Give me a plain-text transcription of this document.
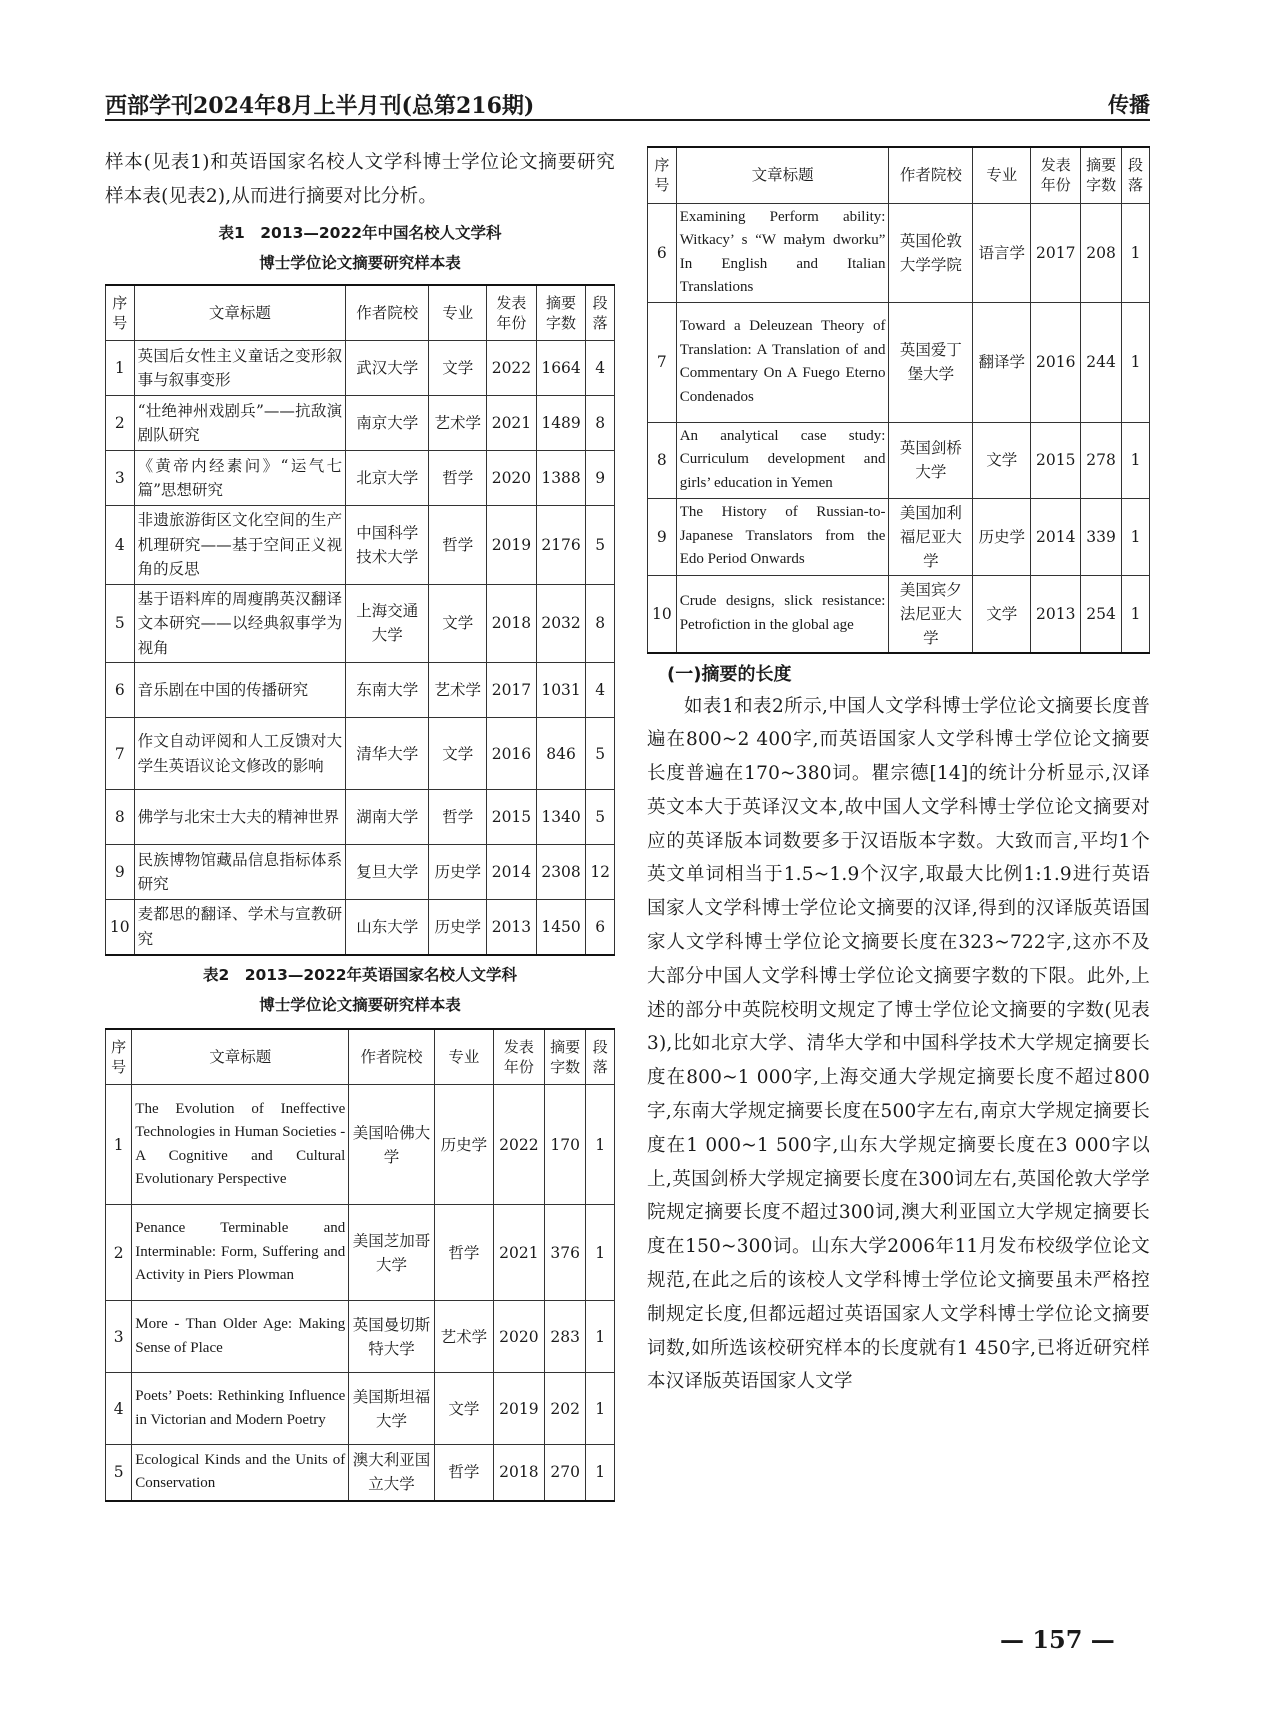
西部学刊2024年8月上半月刊(总第216期)	传播

样本(见表1)和英语国家名校人文学科博士学位论文摘要研究样本表(见表2),从而进行摘要对比分析。

表1　2013—2022年中国名校人文学科

博士学位论文摘要研究样本表

序号	文章标题	作者院校	专业	发表年份	摘要字数	段落
1	英国后女性主义童话之变形叙事与叙事变形	武汉大学	文学	2022	1664	4
2	“壮绝神州戏剧兵”——抗敌演剧队研究	南京大学	艺术学	2021	1489	8
3	《黄帝内经素问》“运气七篇”思想研究	北京大学	哲学	2020	1388	9
4	非遗旅游街区文化空间的生产机理研究——基于空间正义视角的反思	中国科学技术大学	哲学	2019	2176	5
5	基于语料库的周瘦鹃英汉翻译文本研究——以经典叙事学为视角	上海交通大学	文学	2018	2032	8
6	音乐剧在中国的传播研究	东南大学	艺术学	2017	1031	4
7	作文自动评阅和人工反馈对大学生英语议论文修改的影响	清华大学	文学	2016	846	5
8	佛学与北宋士大夫的精神世界	湖南大学	哲学	2015	1340	5
9	民族博物馆藏品信息指标体系研究	复旦大学	历史学	2014	2308	12
10	麦都思的翻译、学术与宣教研究	山东大学	历史学	2013	1450	6

表2　2013—2022年英语国家名校人文学科

博士学位论文摘要研究样本表

序号	文章标题	作者院校	专业	发表年份	摘要字数	段落
1	The Evolution of Ineffective Technologies in Human Societies - A Cognitive and Cultural Evolutionary Perspective	美国哈佛大学	历史学	2022	170	1
2	Penance Terminable and Interminable: Form, Suffering and Activity in Piers Plowman	美国芝加哥大学	哲学	2021	376	1
3	More - Than Older Age: Making Sense of Place	英国曼切斯特大学	艺术学	2020	283	1
4	Poets’ Poets: Rethinking Influence in Victorian and Modern Poetry	美国斯坦福大学	文学	2019	202	1
5	Ecological Kinds and the Units of Conservation	澳大利亚国立大学	哲学	2018	270	1
序号	文章标题	作者院校	专业	发表年份	摘要字数	段落
6	Examining Perform ability: Witkacy’ s “W małym dworku” In English and Italian Translations	英国伦敦大学学院	语言学	2017	208	1
7	Toward a Deleuzean Theory of Translation: A Translation of and Commentary On A Fuego Eterno Condenados	英国爱丁堡大学	翻译学	2016	244	1
8	An analytical case study: Curriculum development and girls’ education in Yemen	英国剑桥大学	文学	2015	278	1
9	The History of Russian-to-Japanese Translators from the Edo Period Onwards	美国加利福尼亚大学	历史学	2014	339	1
10	Crude designs, slick resistance: Petrofiction in the global age	美国宾夕法尼亚大学	文学	2013	254	1

(一)摘要的长度

如表1和表2所示,中国人文学科博士学位论文摘要长度普遍在800~2 400字,而英语国家人文学科博士学位论文摘要长度普遍在170~380词。瞿宗德[14]的统计分析显示,汉译英文本大于英译汉文本,故中国人文学科博士学位论文摘要对应的英译版本词数要多于汉语版本字数。大致而言,平均1个英文单词相当于1.5~1.9个汉字,取最大比例1:1.9进行英语国家人文学科博士学位论文摘要的汉译,得到的汉译版英语国家人文学科博士学位论文摘要长度在323~722字,这亦不及大部分中国人文学科博士学位论文摘要字数的下限。此外,上述的部分中英院校明文规定了博士学位论文摘要的字数(见表3),比如北京大学、清华大学和中国科学技术大学规定摘要长度在800~1 000字,上海交通大学规定摘要长度不超过800字,东南大学规定摘要长度在500字左右,南京大学规定摘要长度在1 000~1 500字,山东大学规定摘要长度在3 000字以上,英国剑桥大学规定摘要长度在300词左右,英国伦敦大学学院规定摘要长度不超过300词,澳大利亚国立大学规定摘要长度在150~300词。山东大学2006年11月发布校级学位论文规范,在此之后的该校人文学科博士学位论文摘要虽未严格控制规定长度,但都远超过英语国家人文学科博士学位论文摘要词数,如所选该校研究样本的长度就有1 450字,已将近研究样本汉译版英语国家人文学

— 157 —
